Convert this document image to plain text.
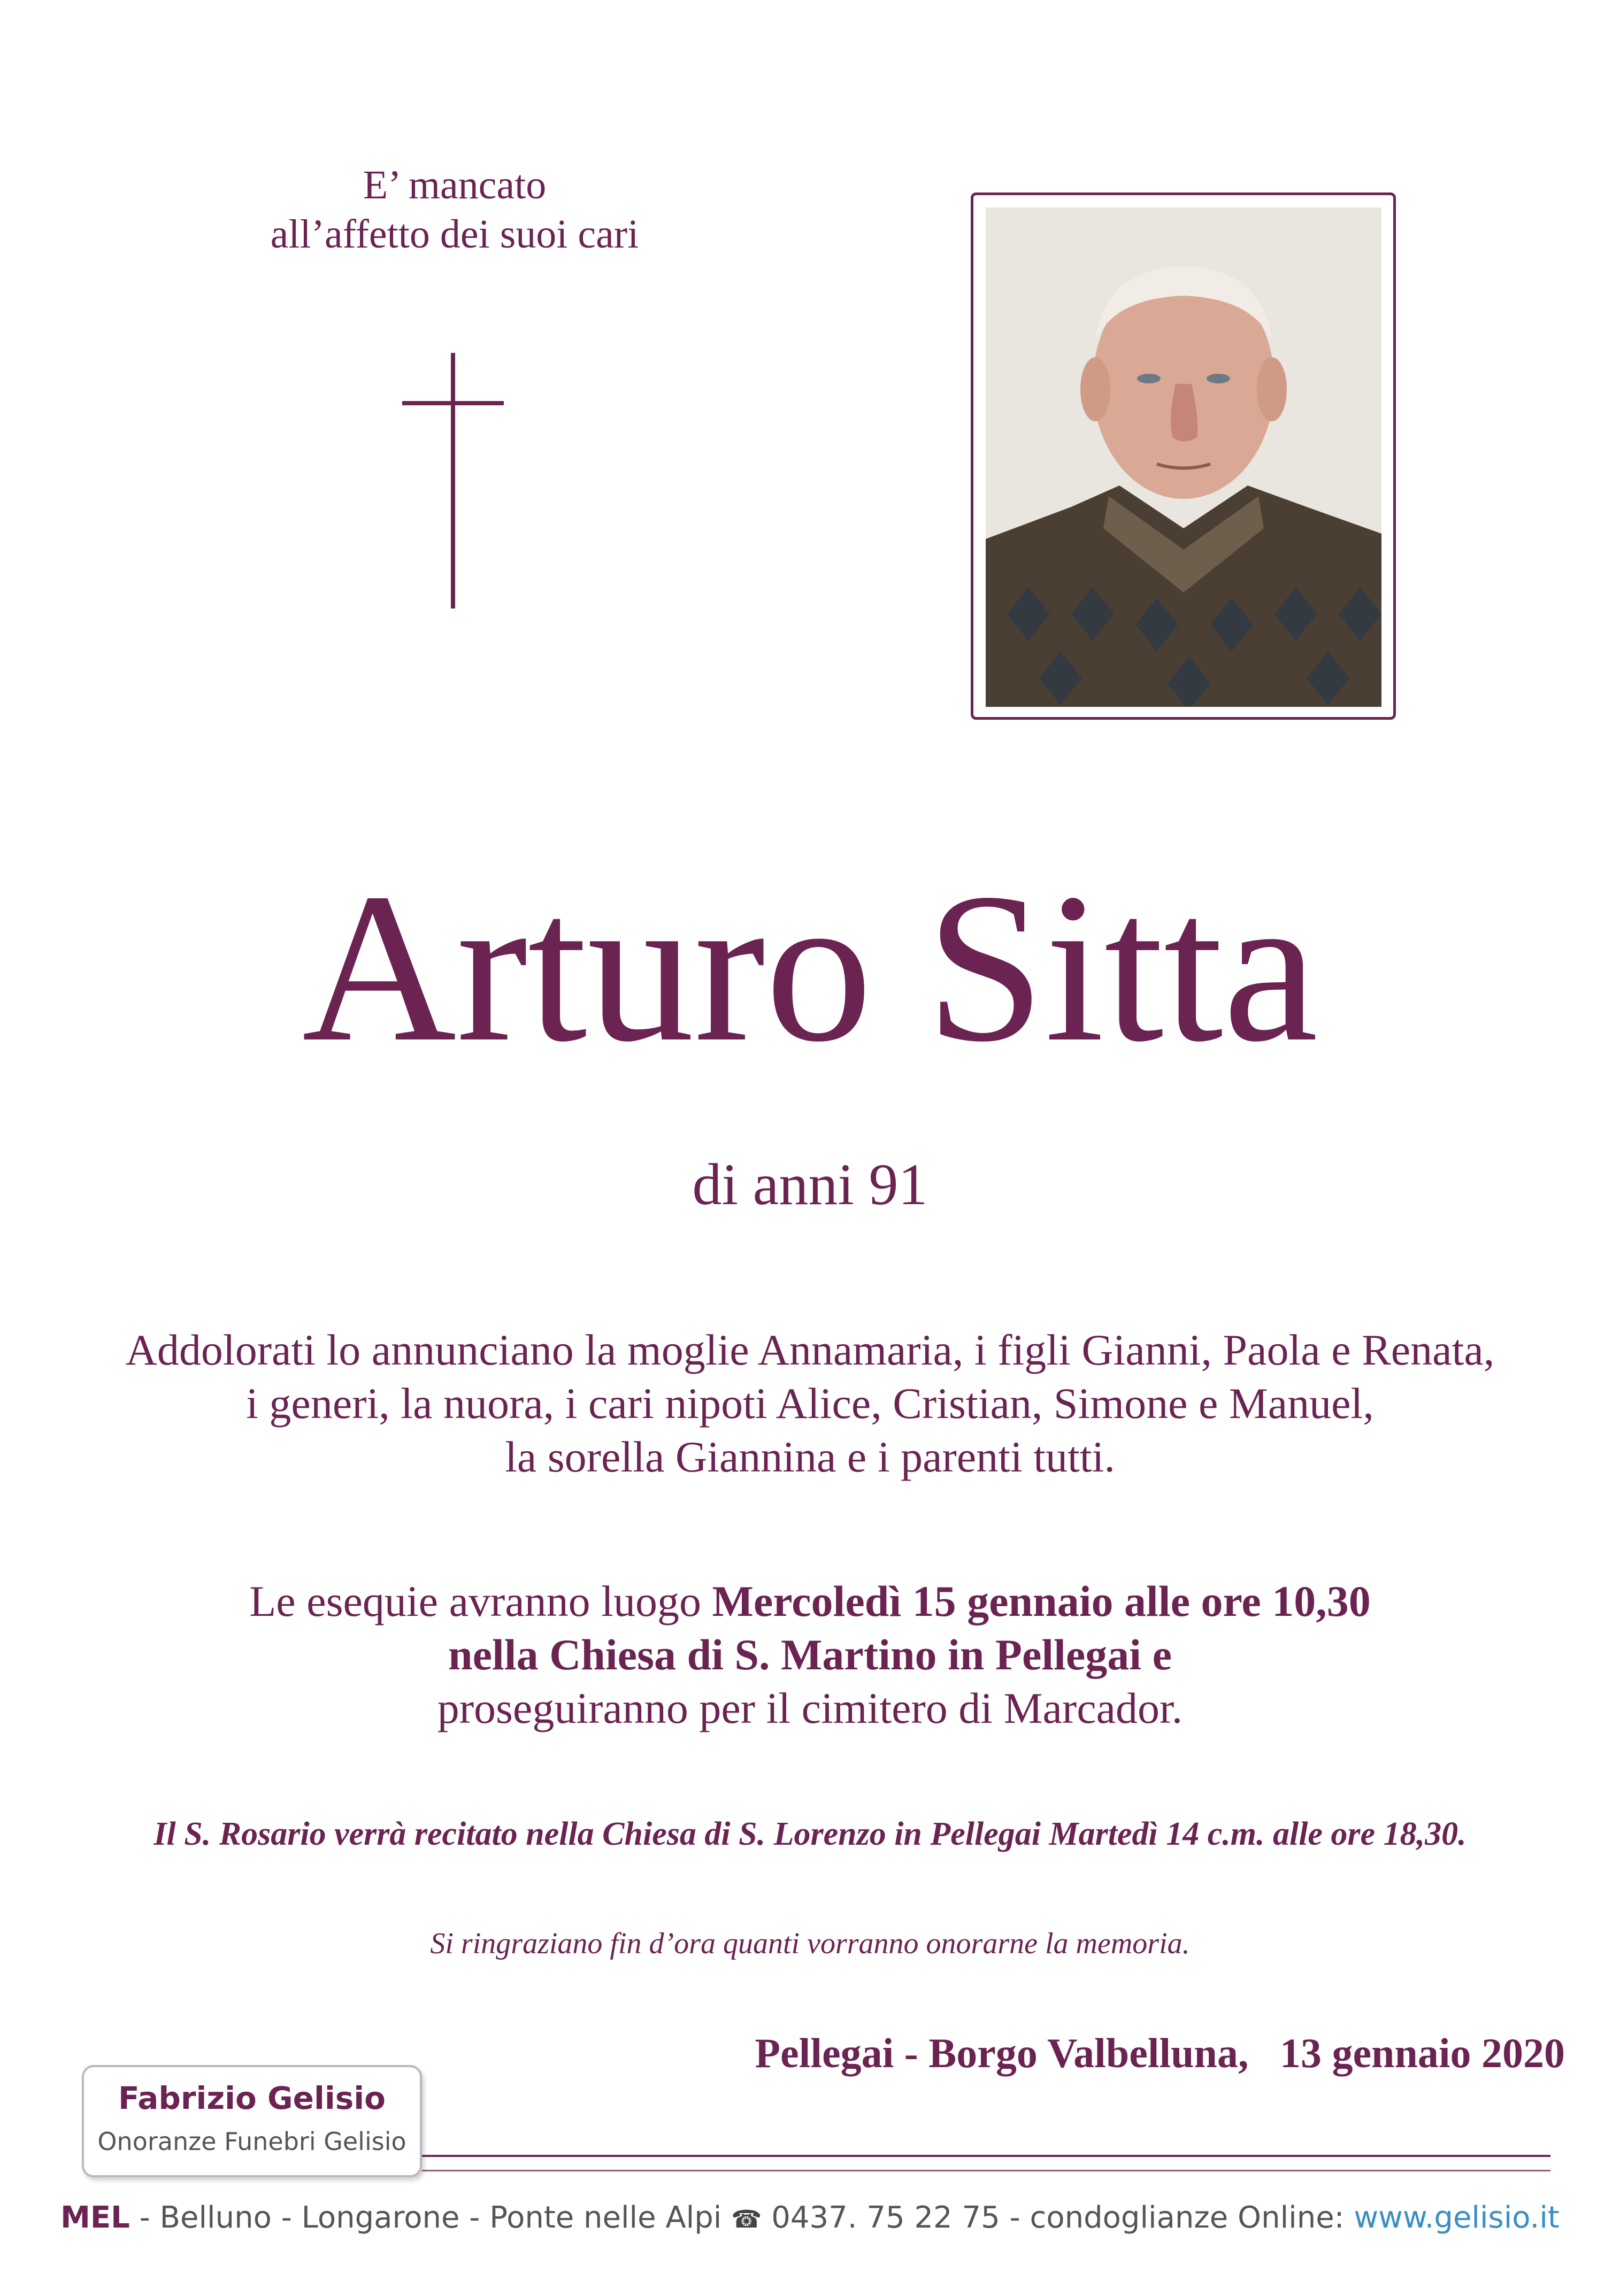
E’ mancato
all’affetto dei suoi cari
Arturo Sitta
di anni 91
Addolorati lo annunciano la moglie Annamaria, i figli Gianni, Paola e Renata,
i generi, la nuora, i cari nipoti Alice, Cristian, Simone e Manuel,
la sorella Giannina e i parenti tutti.
Le esequie avranno luogo Mercoledì 15 gennaio alle ore 10,30
nella Chiesa di S. Martino in Pellegai e
proseguiranno per il cimitero di Marcador.
Il S. Rosario verrà recitato nella Chiesa di S. Lorenzo in Pellegai Martedì 14 c.m. alle ore 18,30.
Si ringraziano fin d’ora quanti vorranno onorarne la memoria.
Pellegai - Borgo Valbelluna,   13 gennaio 2020
Fabrizio Gelisio
Onoranze Funebri Gelisio
MEL - Belluno - Longarone - Ponte nelle Alpi ☎ 0437. 75 22 75 - condoglianze Online: www.gelisio.it
